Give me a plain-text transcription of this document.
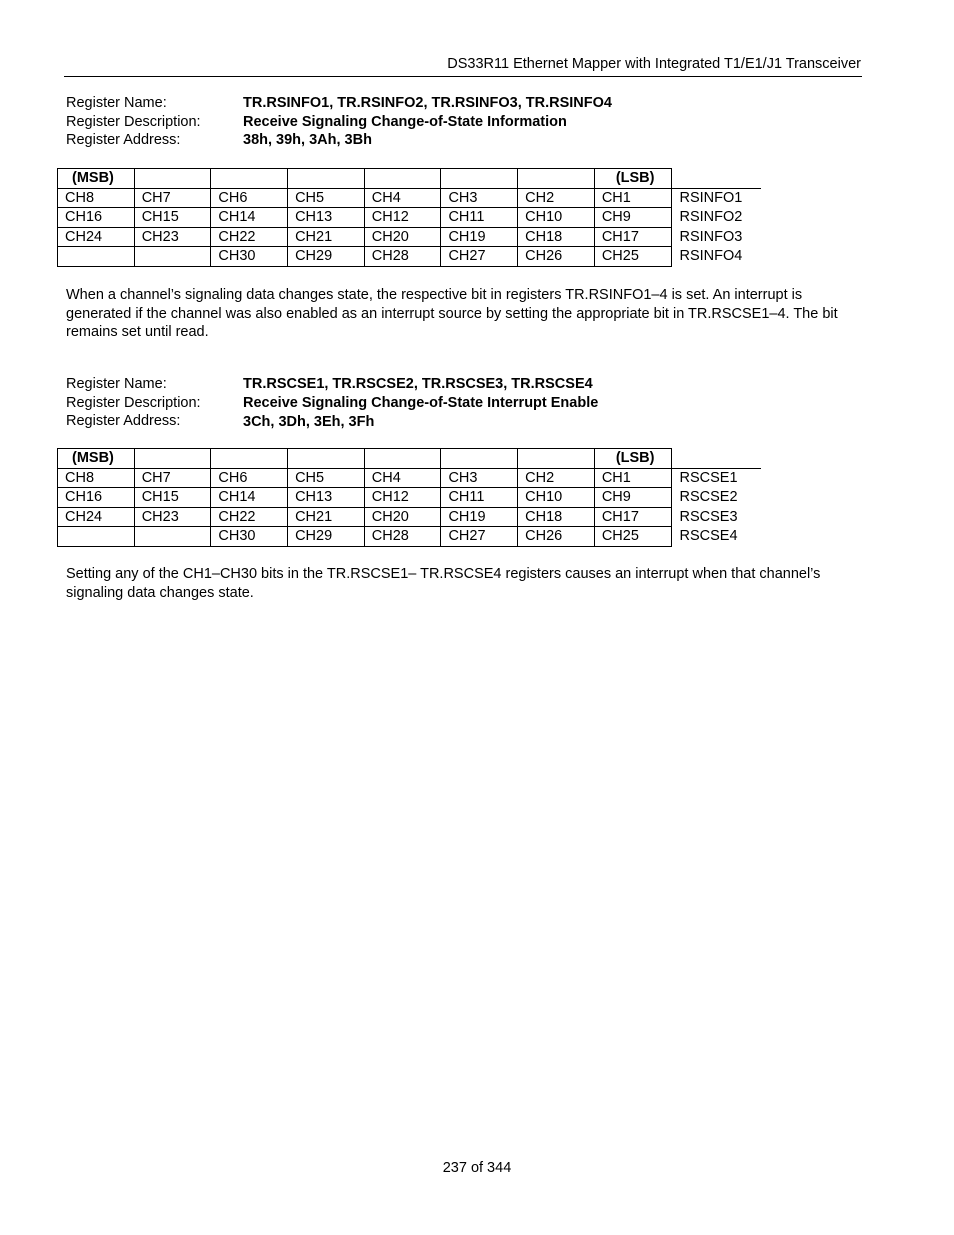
DS33R11 Ethernet Mapper with Integrated T1/E1/J1 Transceiver
Register Name:	TR.RSINFO1, TR.RSINFO2, TR.RSINFO3, TR.RSINFO4
Register Description:	Receive Signaling Change-of-State Information
Register Address:	38h, 39h, 3Ah, 3Bh
(MSB)							(LSB)	
CH8	CH7	CH6	CH5	CH4	CH3	CH2	CH1	RSINFO1
CH16	CH15	CH14	CH13	CH12	CH11	CH10	CH9	RSINFO2
CH24	CH23	CH22	CH21	CH20	CH19	CH18	CH17	RSINFO3
		CH30	CH29	CH28	CH27	CH26	CH25	RSINFO4
When a channel’s signaling data changes state, the respective bit in registers TR.RSINFO1–4 is set. An interrupt is generated if the channel was also enabled as an interrupt source by setting the appropriate bit in TR.RSCSE1–4. The bit remains set until read.
Register Name:	TR.RSCSE1, TR.RSCSE2, TR.RSCSE3, TR.RSCSE4
Register Description:	Receive Signaling Change-of-State Interrupt Enable
Register Address:	3Ch, 3Dh, 3Eh, 3Fh
(MSB)							(LSB)	
CH8	CH7	CH6	CH5	CH4	CH3	CH2	CH1	RSCSE1
CH16	CH15	CH14	CH13	CH12	CH11	CH10	CH9	RSCSE2
CH24	CH23	CH22	CH21	CH20	CH19	CH18	CH17	RSCSE3
		CH30	CH29	CH28	CH27	CH26	CH25	RSCSE4
Setting any of the CH1–CH30 bits in the TR.RSCSE1– TR.RSCSE4 registers causes an interrupt when that channel’s signaling data changes state.
237 of 344
